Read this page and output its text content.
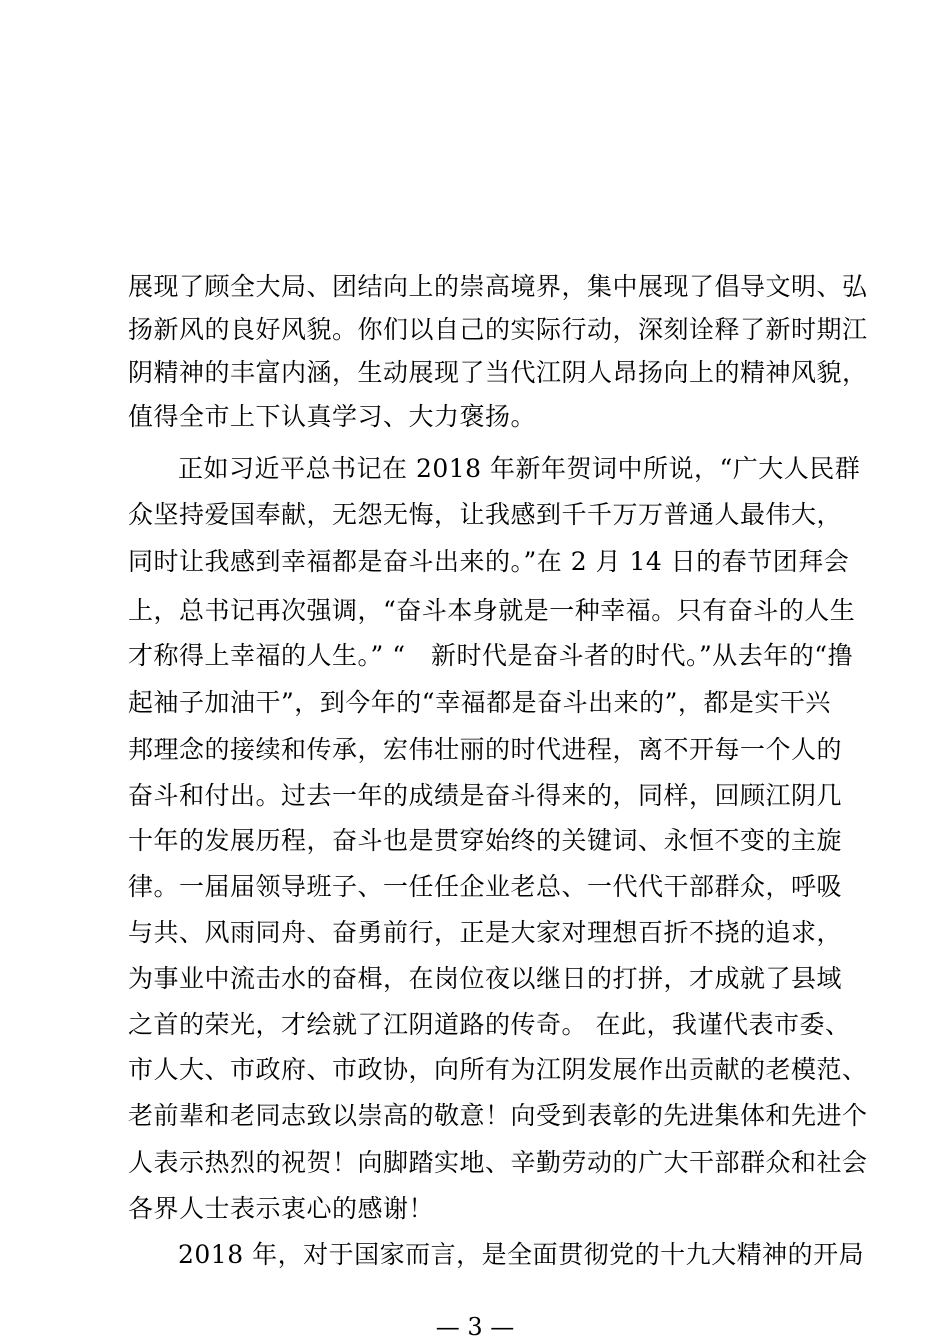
展现了顾全大局、团结向上的崇高境界，集中展现了倡导文明、弘
扬新风的良好风貌。你们以自己的实际行动，深刻诠释了新时期江
阴精神的丰富内涵，生动展现了当代江阴人昂扬向上的精神风貌，
值得全市上下认真学习、大力褒扬。
正如习近平总书记在 2018 年新年贺词中所说，“广大人民群
众坚持爱国奉献，无怨无悔，让我感到千千万万普通人最伟大，
同时让我感到幸福都是奋斗出来的。”在 2 月 14 日的春节团拜会
上，总书记再次强调，“奋斗本身就是一种幸福。只有奋斗的人生
才称得上幸福的人生。” “　新时代是奋斗者的时代。”从去年的“撸
起袖子加油干”，到今年的“幸福都是奋斗出来的”，都是实干兴
邦理念的接续和传承，宏伟壮丽的时代进程，离不开每一个人的
奋斗和付出。过去一年的成绩是奋斗得来的，同样，回顾江阴几
十年的发展历程，奋斗也是贯穿始终的关键词、永恒不变的主旋
律。一届届领导班子、一任任企业老总、一代代干部群众，呼吸
与共、风雨同舟、奋勇前行，正是大家对理想百折不挠的追求，
为事业中流击水的奋楫，在岗位夜以继日的打拼，才成就了县域
之首的荣光，才绘就了江阴道路的传奇。 在此，我谨代表市委、
市人大、市政府、市政协，向所有为江阴发展作出贡献的老模范、
老前辈和老同志致以崇高的敬意！向受到表彰的先进集体和先进个
人表示热烈的祝贺！向脚踏实地、辛勤劳动的广大干部群众和社会
各界人士表示衷心的感谢！
2018 年，对于国家而言，是全面贯彻党的十九大精神的开局
— 3 —
